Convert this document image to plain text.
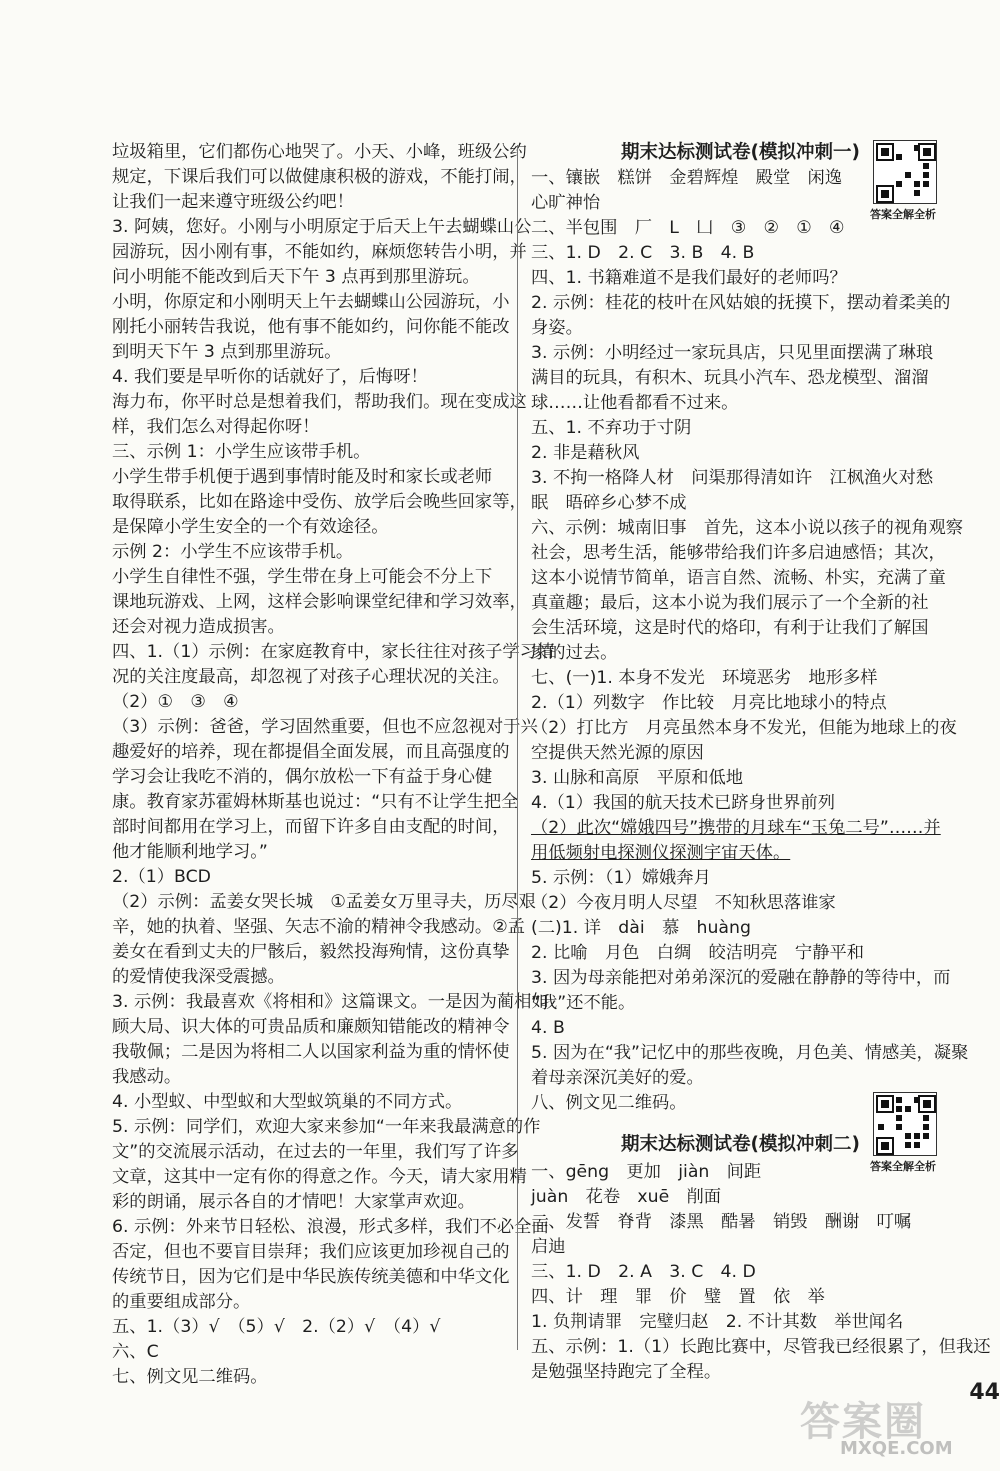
垃圾箱里，它们都伤心地哭了。小天、小峰，班级公约
规定，下课后我们可以做健康积极的游戏，不能打闹，
让我们一起来遵守班级公约吧！
3. 阿姨，您好。小刚与小明原定于后天上午去蝴蝶山公
园游玩，因小刚有事，不能如约，麻烦您转告小明，并
问小明能不能改到后天下午 3 点再到那里游玩。
小明，你原定和小刚明天上午去蝴蝶山公园游玩，小
刚托小丽转告我说，他有事不能如约，问你能不能改
到明天下午 3 点到那里游玩。
4. 我们要是早听你的话就好了，后悔呀！
海力布，你平时总是想着我们，帮助我们。现在变成这
样，我们怎么对得起你呀！
三、示例 1：小学生应该带手机。
小学生带手机便于遇到事情时能及时和家长或老师
取得联系，比如在路途中受伤、放学后会晚些回家等，
是保障小学生安全的一个有效途径。
示例 2：小学生不应该带手机。
小学生自律性不强，学生带在身上可能会不分上下
课地玩游戏、上网，这样会影响课堂纪律和学习效率，
还会对视力造成损害。
四、1.（1）示例：在家庭教育中，家长往往对孩子学习情
况的关注度最高，却忽视了对孩子心理状况的关注。
（2）①　③　④
（3）示例：爸爸，学习固然重要，但也不应忽视对于兴
趣爱好的培养，现在都提倡全面发展，而且高强度的
学习会让我吃不消的，偶尔放松一下有益于身心健
康。教育家苏霍姆林斯基也说过：“只有不让学生把全
部时间都用在学习上，而留下许多自由支配的时间，
他才能顺利地学习。”
2.（1）BCD
（2）示例：孟姜女哭长城　①孟姜女万里寻夫，历尽艰
辛，她的执着、坚强、矢志不渝的精神令我感动。②孟
姜女在看到丈夫的尸骸后，毅然投海殉情，这份真挚
的爱情使我深受震撼。
3. 示例：我最喜欢《将相和》这篇课文。一是因为蔺相如
顾大局、识大体的可贵品质和廉颇知错能改的精神令
我敬佩；二是因为将相二人以国家利益为重的情怀使
我感动。
4. 小型蚁、中型蚁和大型蚁筑巢的不同方式。
5. 示例：同学们，欢迎大家来参加“一年来我最满意的作
文”的交流展示活动，在过去的一年里，我们写了许多
文章，这其中一定有你的得意之作。今天，请大家用精
彩的朗诵，展示各自的才情吧！大家掌声欢迎。
6. 示例：外来节日轻松、浪漫，形式多样，我们不必全面
否定，但也不要盲目崇拜；我们应该更加珍视自己的
传统节日，因为它们是中华民族传统美德和中华文化
的重要组成部分。
五、1.（3）√　（5）√　2.（2）√　（4）√
六、C
七、例文见二维码。
期末达标测试卷(模拟冲刺一)
一、镶嵌　糕饼　金碧辉煌　殿堂　闲逸
心旷神怡
二、半包围　厂　L　凵　③　②　①　④
三、1. D　2. C　3. B　4. B
四、1. 书籍难道不是我们最好的老师吗？
2. 示例：桂花的枝叶在风姑娘的抚摸下，摆动着柔美的
身姿。
3. 示例：小明经过一家玩具店，只见里面摆满了琳琅
满目的玩具，有积木、玩具小汽车、恐龙模型、溜溜
球……让他看都看不过来。
五、1. 不弃功于寸阴
2. 非是藉秋风
3. 不拘一格降人材　问渠那得清如许　江枫渔火对愁
眠　晤碎乡心梦不成
六、示例：城南旧事　首先，这本小说以孩子的视角观察
社会，思考生活，能够带给我们许多启迪感悟；其次，
这本小说情节简单，语言自然、流畅、朴实，充满了童
真童趣；最后，这本小说为我们展示了一个全新的社
会生活环境，这是时代的烙印，有利于让我们了解国
家的过去。
七、(一)1. 本身不发光　环境恶劣　地形多样
2.（1）列数字　作比较　月亮比地球小的特点
（2）打比方　月亮虽然本身不发光，但能为地球上的夜
空提供天然光源的原因
3. 山脉和高原　平原和低地
4.（1）我国的航天技术已跻身世界前列
（2）此次“嫦娥四号”携带的月球车“玉兔二号”……并
用低频射电探测仪探测宇宙天体。
5. 示例：（1）嫦娥奔月
（2）今夜月明人尽望　不知秋思落谁家
(二)1. 详　dài　慕　huàng
2. 比喻　月色　白绸　皎洁明亮　宁静平和
3. 因为母亲能把对弟弟深沉的爱融在静静的等待中，而
“我”还不能。
4. B
5. 因为在“我”记忆中的那些夜晚，月色美、情感美，凝聚
着母亲深沉美好的爱。
八、例文见二维码。
期末达标测试卷(模拟冲刺二)
一、gēng　更加　jiàn　间距
juàn　花卷　xuē　削面
二、发誓　脊背　漆黑　酷暑　销毁　酬谢　叮嘱
启迪
三、1. D　2. A　3. C　4. D
四、计　理　罪　价　璧　置　依　举
1. 负荆请罪　完璧归赵　2. 不计其数　举世闻名
五、示例：1.（1）长跑比赛中，尽管我已经很累了，但我还
是勉强坚持跑完了全程。
答案全解全析
答案全解全析
44
答案圈
MXQE.COM
